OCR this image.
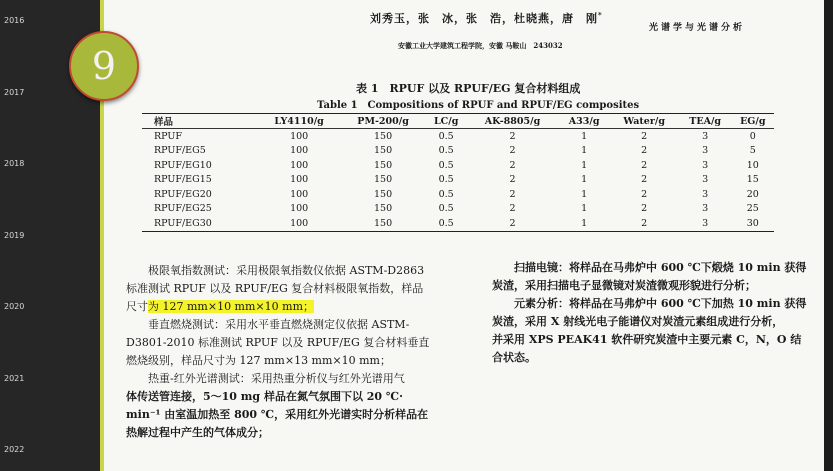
2016
2017
2018
2019
2020
2021
2022
刘秀玉，张　冰，张　浩，杜晓燕，唐　刚*
光谱学与光谱分析
安徽工业大学建筑工程学院，安徽 马鞍山　243032
表 1　RPUF 以及 RPUF/EG 复合材料组成
Table 1　Compositions of RPUF and RPUF/EG composites
样品	LY4110/g	PM-200/g	LC/g	AK-8805/g	A33/g	Water/g	TEA/g	EG/g
RPUF	100	150	0.5	2	1	2	3	0
RPUF/EG5	100	150	0.5	2	1	2	3	5
RPUF/EG10	100	150	0.5	2	1	2	3	10
RPUF/EG15	100	150	0.5	2	1	2	3	15
RPUF/EG20	100	150	0.5	2	1	2	3	20
RPUF/EG25	100	150	0.5	2	1	2	3	25
RPUF/EG30	100	150	0.5	2	1	2	3	30
极限氧指数测试：采用极限氧指数仪依据 ASTM-D2863
标准测试 RPUF 以及 RPUF/EG 复合材料极限氧指数，样品
尺寸为 127 mm×10 mm×10 mm；
垂直燃烧测试：采用水平垂直燃烧测定仪依据 ASTM-
D3801-2010 标准测试 RPUF 以及 RPUF/EG 复合材料垂直
燃烧级别，样品尺寸为 127 mm×13 mm×10 mm；
热重-红外光谱测试：采用热重分析仪与红外光谱用气
体传送管连接，5～10 mg 样品在氮气氛围下以 20 ℃·
min⁻¹ 由室温加热至 800 ℃，采用红外光谱实时分析样品在
热解过程中产生的气体成分；
扫描电镜：将样品在马弗炉中 600 ℃下煅烧 10 min 获得
炭渣，采用扫描电子显微镜对炭渣微观形貌进行分析；
元素分析：将样品在马弗炉中 600 ℃下加热 10 min 获得
炭渣，采用 X 射线光电子能谱仪对炭渣元素组成进行分析，
并采用 XPS PEAK41 软件研究炭渣中主要元素 C，N，O 结
合状态。
9
